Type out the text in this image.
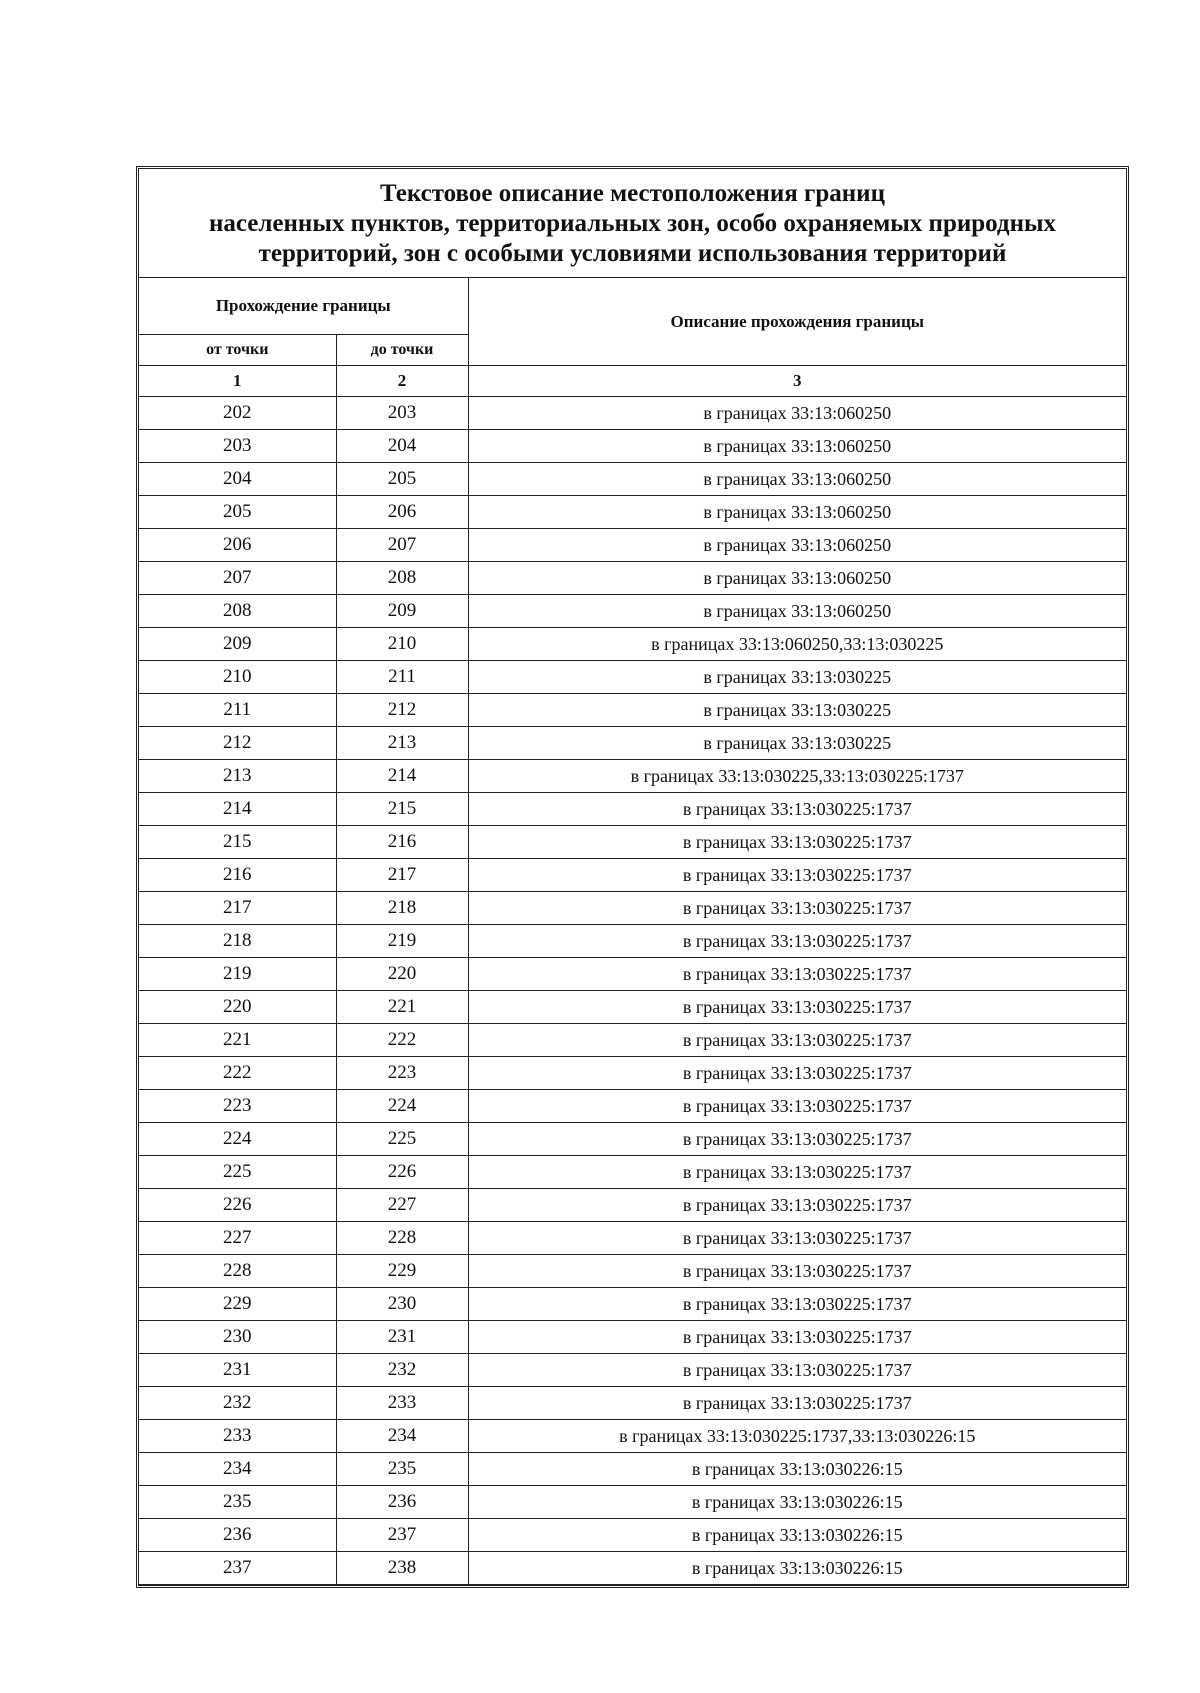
Текстовое описание местоположения границ
населенных пунктов, территориальных зон, особо охраняемых природных
территорий, зон с особыми условиями использования территорий
Прохождение границы		Описание прохождения границы
от точки	до точки	
1	2	3
202	203	в границах 33:13:060250
203	204	в границах 33:13:060250
204	205	в границах 33:13:060250
205	206	в границах 33:13:060250
206	207	в границах 33:13:060250
207	208	в границах 33:13:060250
208	209	в границах 33:13:060250
209	210	в границах 33:13:060250,33:13:030225
210	211	в границах 33:13:030225
211	212	в границах 33:13:030225
212	213	в границах 33:13:030225
213	214	в границах 33:13:030225,33:13:030225:1737
214	215	в границах 33:13:030225:1737
215	216	в границах 33:13:030225:1737
216	217	в границах 33:13:030225:1737
217	218	в границах 33:13:030225:1737
218	219	в границах 33:13:030225:1737
219	220	в границах 33:13:030225:1737
220	221	в границах 33:13:030225:1737
221	222	в границах 33:13:030225:1737
222	223	в границах 33:13:030225:1737
223	224	в границах 33:13:030225:1737
224	225	в границах 33:13:030225:1737
225	226	в границах 33:13:030225:1737
226	227	в границах 33:13:030225:1737
227	228	в границах 33:13:030225:1737
228	229	в границах 33:13:030225:1737
229	230	в границах 33:13:030225:1737
230	231	в границах 33:13:030225:1737
231	232	в границах 33:13:030225:1737
232	233	в границах 33:13:030225:1737
233	234	в границах 33:13:030225:1737,33:13:030226:15
234	235	в границах 33:13:030226:15
235	236	в границах 33:13:030226:15
236	237	в границах 33:13:030226:15
237	238	в границах 33:13:030226:15
